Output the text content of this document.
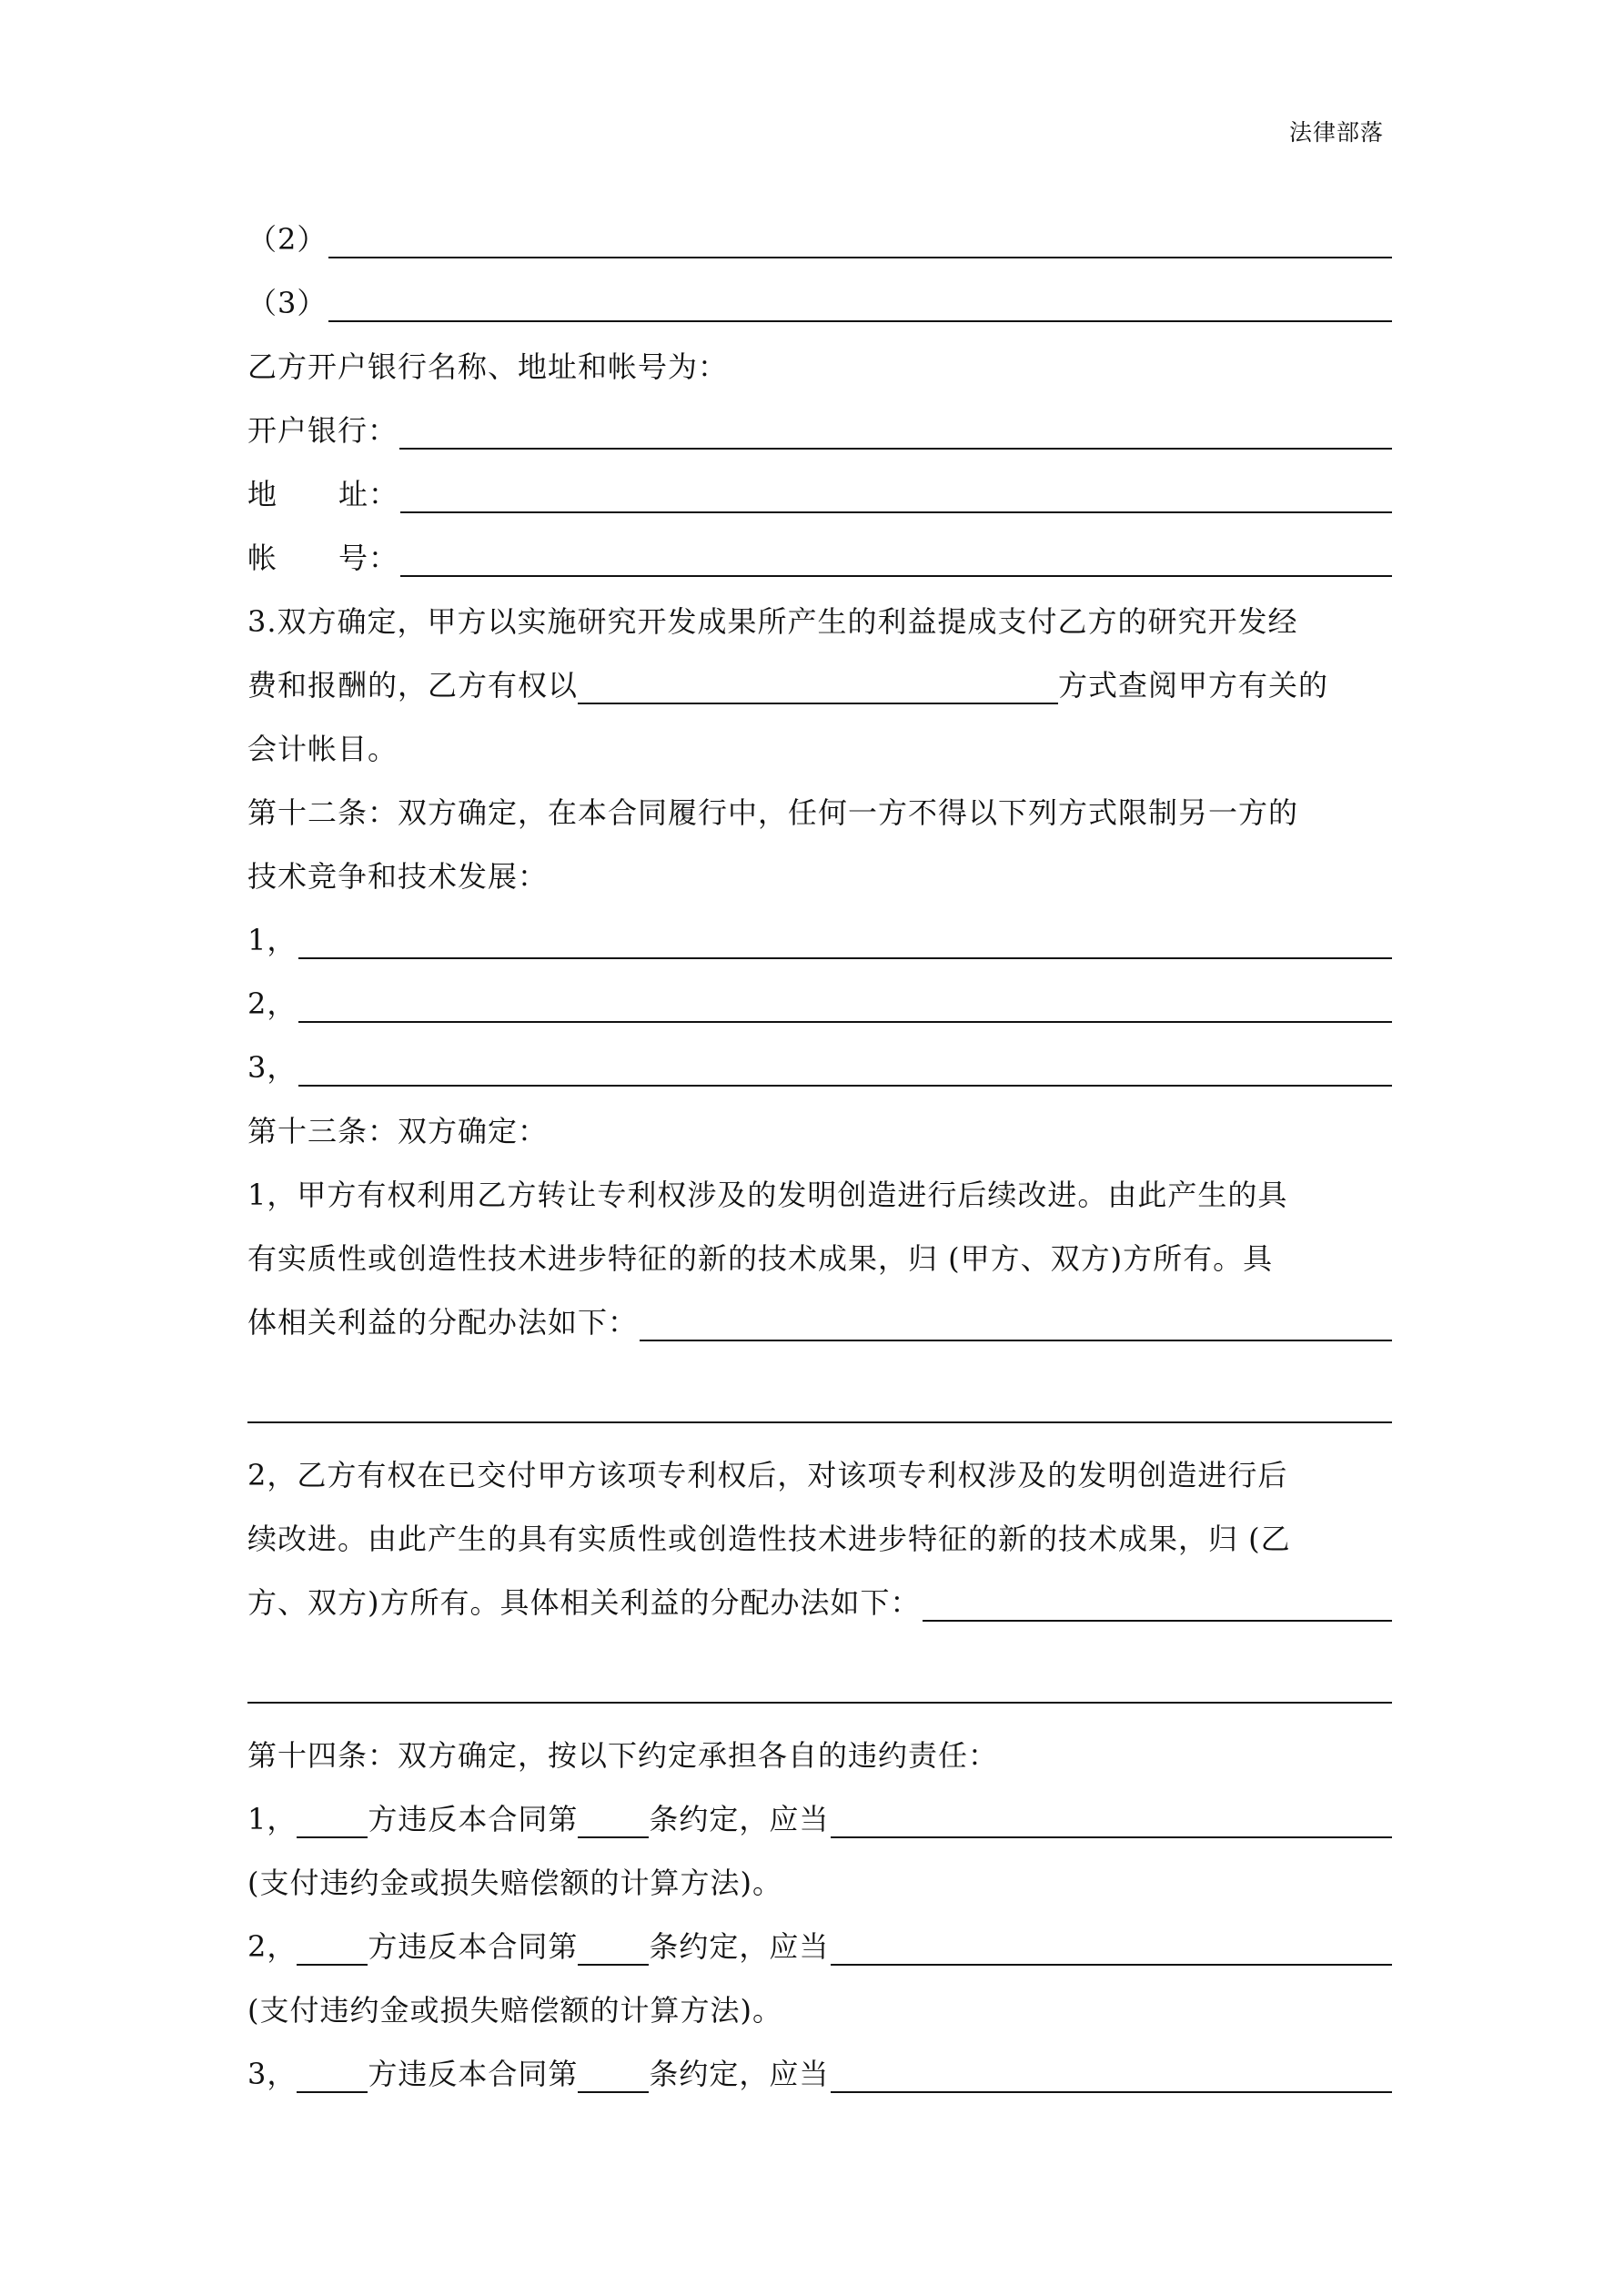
法律部落
（2）
（3）
乙方开户银行名称、地址和帐号为：
开户银行：
地	址：
帐	号：
3.双方确定，甲方以实施研究开发成果所产生的利益提成支付乙方的研究开发经
费和报酬的，乙方有权以	方式查阅甲方有关的
会计帐目。
第十二条：双方确定，在本合同履行中，任何一方不得以下列方式限制另一方的
技术竞争和技术发展：
1，
2，
3，
第十三条：双方确定：
1，甲方有权利用乙方转让专利权涉及的发明创造进行后续改进。由此产生的具
有实质性或创造性技术进步特征的新的技术成果，归 (甲方、双方)方所有。具
体相关利益的分配办法如下：
2，乙方有权在已交付甲方该项专利权后，对该项专利权涉及的发明创造进行后
续改进。由此产生的具有实质性或创造性技术进步特征的新的技术成果，归 (乙
方、双方)方所有。具体相关利益的分配办法如下：
第十四条：双方确定，按以下约定承担各自的违约责任：
1， 方违反本合同第 条约定，应当
(支付违约金或损失赔偿额的计算方法)。
2， 方违反本合同第 条约定，应当
(支付违约金或损失赔偿额的计算方法)。
3， 方违反本合同第 条约定，应当
